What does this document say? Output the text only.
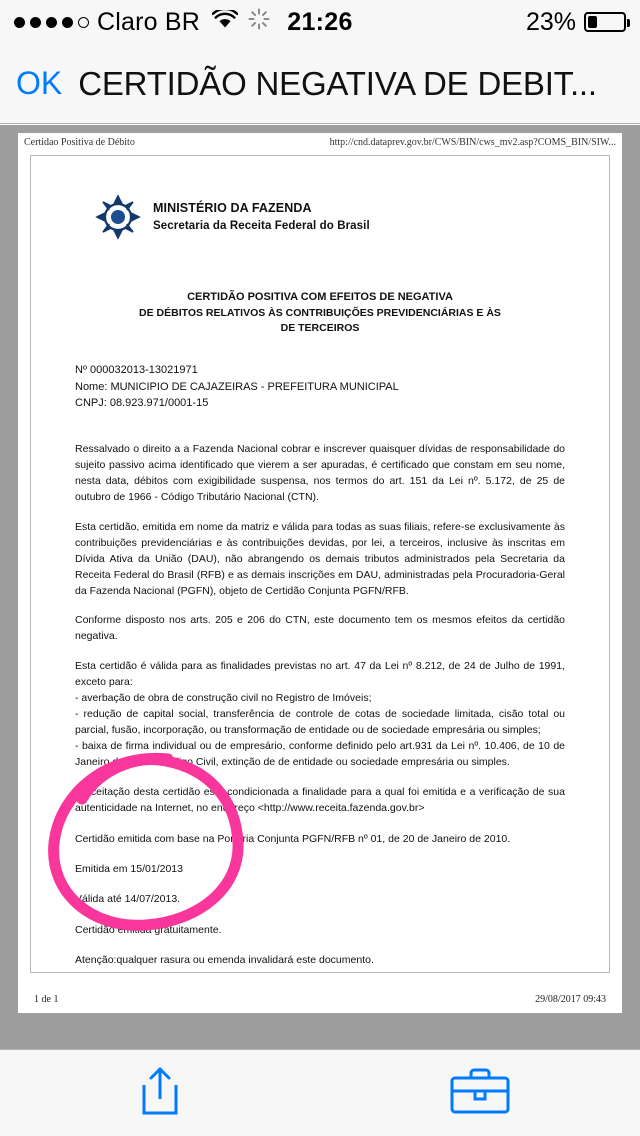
Claro BR	21:26	23%
OK CERTIDÃO NEGATIVA DE DEBIT...
Certidao Positiva de Débito	http://cnd.dataprev.gov.br/CWS/BIN/cws_mv2.asp?COMS_BIN/SIW...
MINISTÉRIO DA FAZENDA
Secretaria da Receita Federal do Brasil
CERTIDÃO POSITIVA COM EFEITOS DE NEGATIVA
DE DÉBITOS RELATIVOS ÀS CONTRIBUIÇÕES PREVIDENCIÁRIAS E ÀS
DE TERCEIROS
Nº 000032013-13021971
Nome: MUNICIPIO DE CAJAZEIRAS - PREFEITURA MUNICIPAL
CNPJ: 08.923.971/0001-15

Ressalvado o direito a a Fazenda Nacional cobrar e inscrever quaisquer dívidas de responsabilidade do sujeito passivo acima identificado que vierem a ser apuradas, é certificado que constam em seu nome, nesta data, débitos com exigibilidade suspensa, nos termos do art. 151 da Lei nº. 5.172, de 25 de outubro de 1966 - Código Tributário Nacional (CTN).

Esta certidão, emitida em nome da matriz e válida para todas as suas filiais, refere-se exclusivamente às contribuições previdenciárias e às contribuições devidas, por lei, a terceiros, inclusive às inscritas em Dívida Ativa da União (DAU), não abrangendo os demais tributos administrados pela Secretaria da Receita Federal do Brasil (RFB) e as demais inscrições em DAU, administradas pela Procuradoria-Geral da Fazenda Nacional (PGFN), objeto de Certidão Conjunta PGFN/RFB.

Conforme disposto nos arts. 205 e 206 do CTN, este documento tem os mesmos efeitos da certidão negativa.

Esta certidão é válida para as finalidades previstas no art. 47 da Lei nº 8.212, de 24 de Julho de 1991, exceto para:

- averbação de obra de construção civil no Registro de Imóveis;

- redução de capital social, transferência de controle de cotas de sociedade limitada, cisão total ou parcial, fusão, incorporação, ou transformação de entidade ou de sociedade empresária ou simples;

- baixa de firma individual ou de empresário, conforme definido pelo art.931 da Lei nº. 10.406, de 10 de Janeiro de 2002 - Código Civil, extinção de de entidade ou sociedade empresária ou simples.

A aceitação desta certidão está condicionada a finalidade para a qual foi emitida e a verificação de sua autenticidade na Internet, no endereço <http://www.receita.fazenda.gov.br>

Certidão emitida com base na Portaria Conjunta PGFN/RFB nº 01, de 20 de Janeiro de 2010.

Emitida em 15/01/2013

Válida até 14/07/2013.

Certidão emitida gratuitamente.

Atenção:qualquer rasura ou emenda invalidará este documento.

1 de 1	29/08/2017 09:43
